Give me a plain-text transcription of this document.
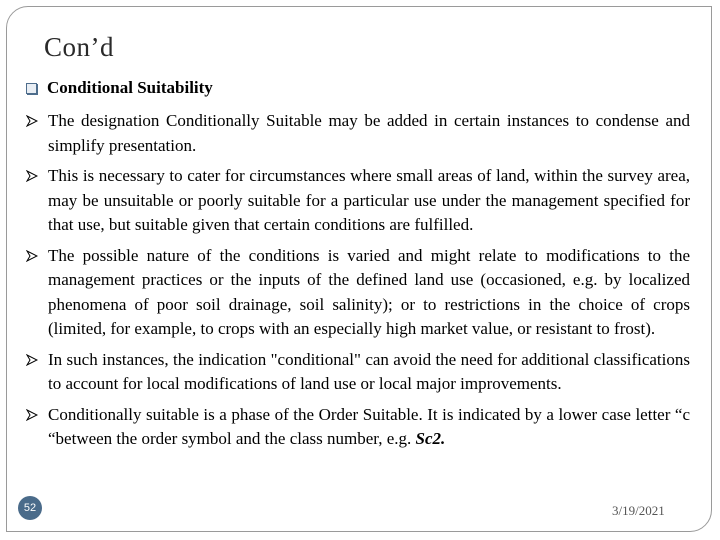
Con’d
Conditional Suitability
The designation Conditionally Suitable may be added in certain instances to condense and simplify presentation.
This is necessary to cater for circumstances where small areas of land, within the survey area, may be unsuitable or poorly suitable for a particular use under the management specified for that use, but suitable given that certain conditions are fulfilled.
The possible nature of the conditions is varied and might relate to modifications to the management practices or the inputs of the defined land use (occasioned, e.g. by localized phenomena of poor soil drainage, soil salinity); or to restrictions in the choice of crops (limited, for example, to crops with an especially high market value, or resistant to frost).
In such instances, the indication "conditional" can avoid the need for additional classifications to account for local modifications of land use or local major improvements.
Conditionally suitable is a phase of the Order Suitable. It is indicated by a lower case letter “c “between the order symbol and the class number, e.g. Sc2.
52	3/19/2021
